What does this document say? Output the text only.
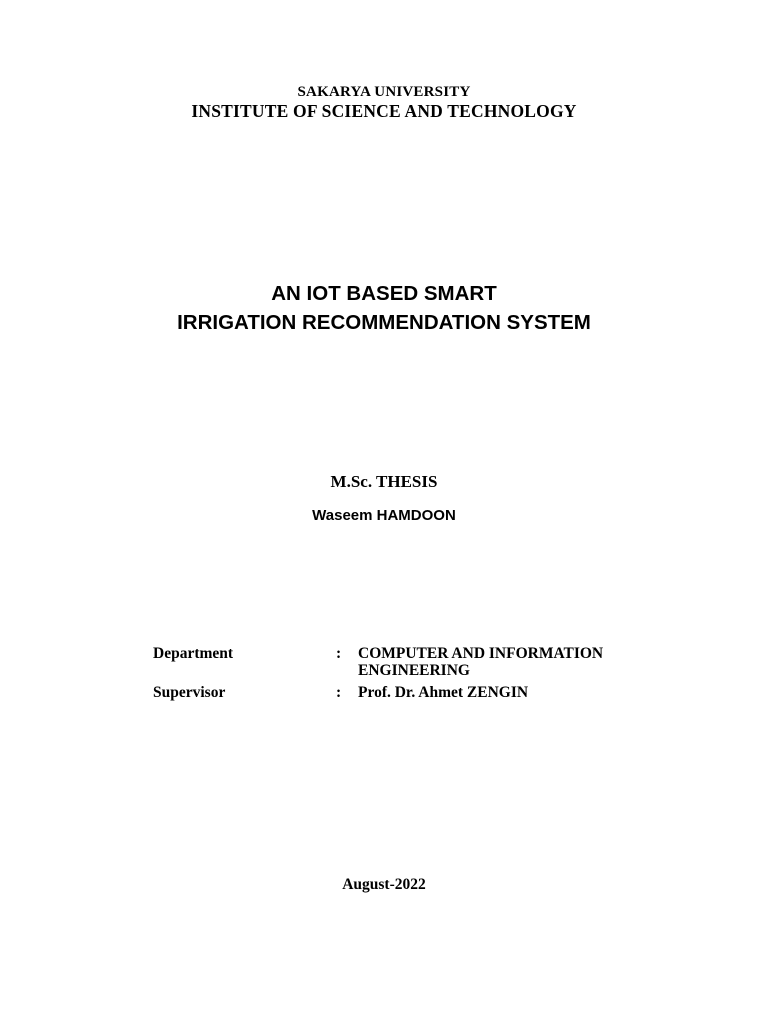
SAKARYA UNIVERSITY
INSTITUTE OF SCIENCE AND TECHNOLOGY
AN IOT BASED SMART
IRRIGATION RECOMMENDATION SYSTEM
M.Sc. THESIS
Waseem HAMDOON
Department	: COMPUTER AND INFORMATION
ENGINEERING
Supervisor	: Prof. Dr. Ahmet ZENGIN
August-2022
